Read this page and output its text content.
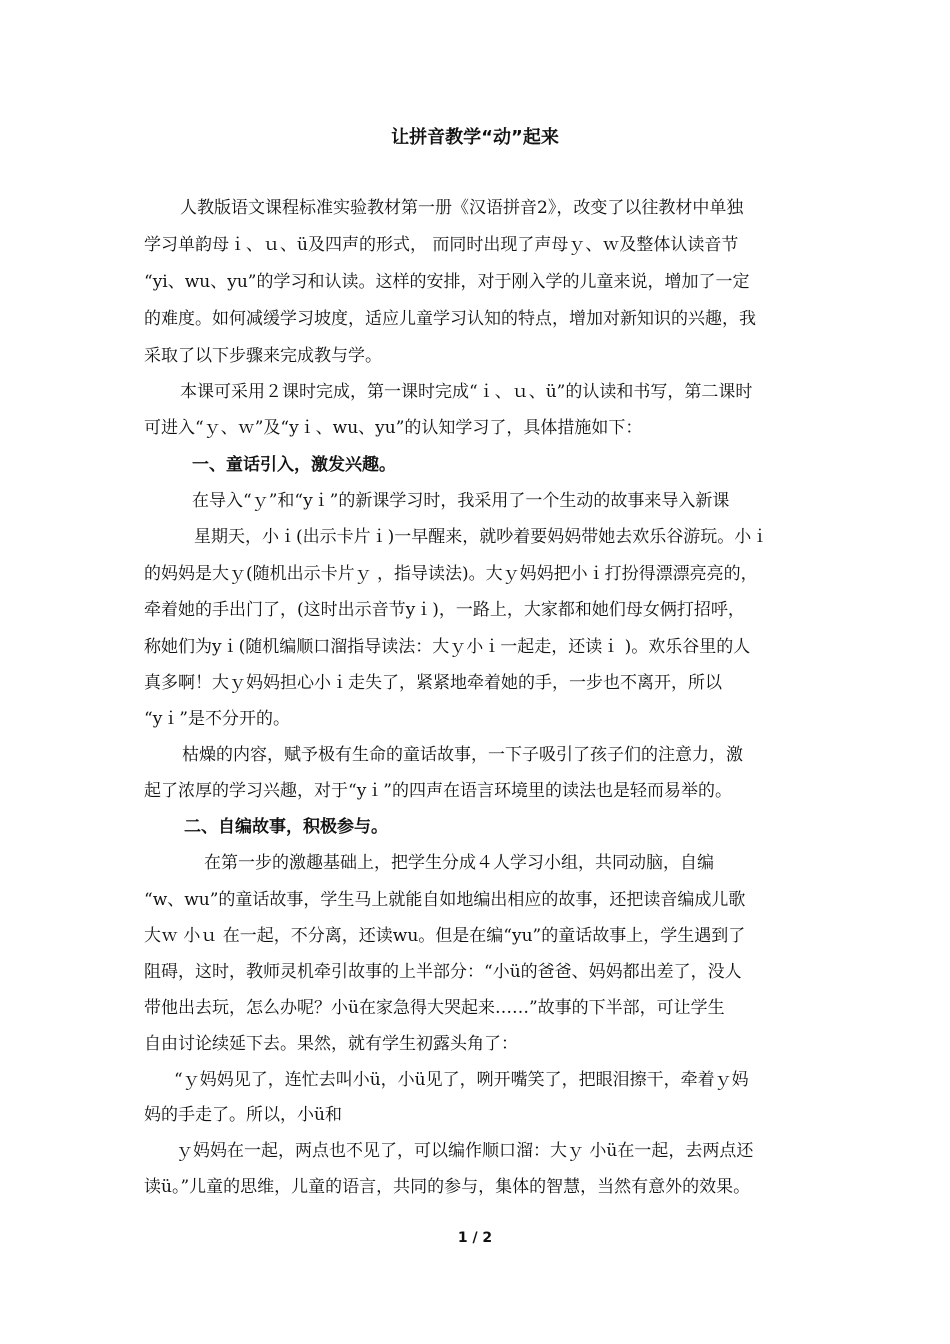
让拼音教学“动”起来
人教版语文课程标准实验教材第一册《汉语拼音2》，改变了以往教材中单独
学习单韵母ｉ、ｕ、ü及四声的形式， 而同时出现了声母ｙ、ｗ及整体认读音节
“yi、wu、yu”的学习和认读。这样的安排，对于刚入学的儿童来说，增加了一定
的难度。如何减缓学习坡度，适应儿童学习认知的特点，增加对新知识的兴趣，我
采取了以下步骤来完成教与学。
本课可采用２课时完成，第一课时完成“ｉ、ｕ、ü”的认读和书写，第二课时
可进入“ｙ、ｗ”及“yｉ、wu、yu”的认知学习了，具体措施如下：
一、童话引入，激发兴趣。
在导入“ｙ”和“yｉ”的新课学习时，我采用了一个生动的故事来导入新课
星期天，小ｉ(出示卡片ｉ)一早醒来，就吵着要妈妈带她去欢乐谷游玩。小ｉ
的妈妈是大ｙ(随机出示卡片ｙ ，指导读法)。大ｙ妈妈把小ｉ打扮得漂漂亮亮的，
牵着她的手出门了，(这时出示音节yｉ)，一路上，大家都和她们母女俩打招呼，
称她们为yｉ(随机编顺口溜指导读法：大ｙ小ｉ一起走，还读ｉ )。欢乐谷里的人
真多啊！大ｙ妈妈担心小ｉ走失了，紧紧地牵着她的手，一步也不离开，所以
“yｉ”是不分开的。
枯燥的内容，赋予极有生命的童话故事，一下子吸引了孩子们的注意力，激
起了浓厚的学习兴趣，对于“yｉ”的四声在语言环境里的读法也是轻而易举的。
二、自编故事，积极参与。
在第一步的激趣基础上，把学生分成４人学习小组，共同动脑，自编
“w、wu”的童话故事，学生马上就能自如地编出相应的故事，还把读音编成儿歌
大ｗ 小ｕ 在一起，不分离，还读wu。但是在编“yu”的童话故事上，学生遇到了
阻碍，这时，教师灵机牵引故事的上半部分：“小ü的爸爸、妈妈都出差了，没人
带他出去玩，怎么办呢？小ü在家急得大哭起来……”故事的下半部，可让学生
自由讨论续延下去。果然，就有学生初露头角了：
“ｙ妈妈见了，连忙去叫小ü，小ü见了，咧开嘴笑了，把眼泪擦干，牵着ｙ妈
妈的手走了。所以，小ü和
ｙ妈妈在一起，两点也不见了，可以编作顺口溜：大ｙ 小ü在一起，去两点还
读ü。”儿童的思维，儿童的语言，共同的参与，集体的智慧，当然有意外的效果。
1 / 2
